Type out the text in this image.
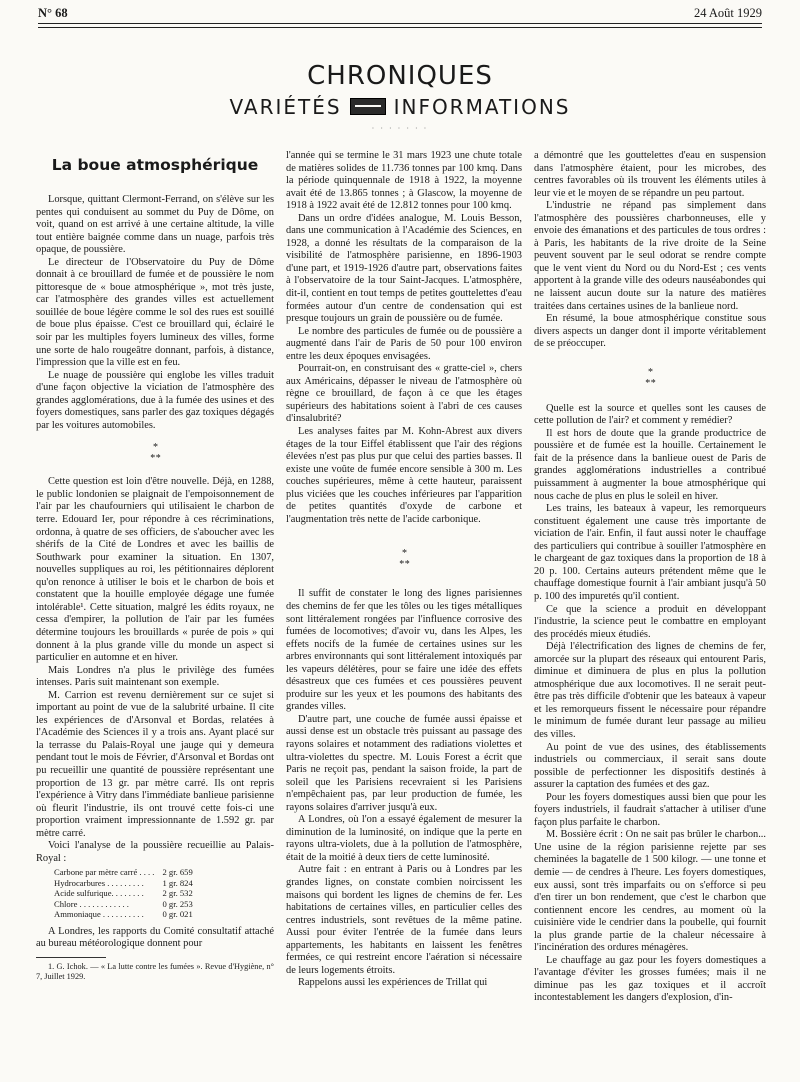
N° 68	24 Août 1929
CHRONIQUES
VARIÉTÉS	INFORMATIONS
· · · · · · ·
La boue atmosphérique

Lorsque, quittant Clermont-Ferrand, on s'élève sur les pentes qui conduisent au sommet du Puy de Dôme, on voit, quand on est arrivé à une certaine altitude, la ville tout entière baignée comme dans un nuage, parfois très opaque, de poussière.

Le directeur de l'Observatoire du Puy de Dôme donnait à ce brouillard de fumée et de poussière le nom pittoresque de « boue atmosphérique », mot très juste, car l'atmosphère des grandes villes est actuellement souillée de boue légère comme le sol des rues est souillé de boue plus épaisse. C'est ce brouillard qui, éclairé le soir par les multiples foyers lumineux des villes, forme une sorte de halo rougeâtre donnant, parfois, à distance, l'impression que la ville est en feu.

Le nuage de poussière qui englobe les villes traduit d'une façon objective la viciation de l'atmosphère des grandes agglomérations, due à la fumée des usines et des foyers domestiques, sans parler des gaz toxiques dégagés par les voitures automobiles.

*
* *

Cette question est loin d'être nouvelle. Déjà, en 1288, le public londonien se plaignait de l'empoisonnement de l'air par les chaufourniers qui utilisaient le charbon de terre. Edouard Ier, pour répondre à ces récriminations, ordonna, à quatre de ses officiers, de s'aboucher avec les shérifs de la Cité de Londres et avec les baillis de Southwark pour examiner la situation. En 1307, nouvelles suppliques au roi, les pétitionnaires déplorent qu'on renonce à utiliser le bois et le charbon de bois et constatent que la houille employée dégage une fumée intolérable¹. Cette situation, malgré les édits royaux, ne cessa d'empirer, la pollution de l'air par les fumées détermine toujours les brouillards « purée de pois » qui donnent à la plus grande ville du monde un aspect si particulier en automne et en hiver.

Mais Londres n'a plus le privilège des fumées intenses. Paris suit maintenant son exemple.

M. Carrion est revenu dernièrement sur ce sujet si important au point de vue de la salubrité urbaine. Il cite les expériences de d'Arsonval et Bordas, relatées à l'Académie des Sciences il y a trois ans. Ayant placé sur la terrasse du Palais-Royal une jauge qui y demeura pendant tout le mois de Février, d'Arsonval et Bordas ont pu recueillir une quantité de poussière représentant une proportion de 13 gr. par mètre carré. Ils ont repris l'expérience à Vitry dans l'immédiate banlieue parisienne où fleurit l'industrie, ils ont trouvé cette fois-ci une proportion vraiment impressionnante de 1.592 gr. par mètre carré.

Voici l'analyse de la poussière recueillie au Palais-Royal :

Carbone par mètre carré . . . .	2 gr. 659
Hydrocarbures . . . . . . . . .	1 gr. 824
Acide sulfurique. . . . . . . .	2 gr. 532
Chlore . . . . . . . . . . . .	0 gr. 253
Ammoniaque . . . . . . . . . .	0 gr. 021

A Londres, les rapports du Comité consultatif attaché au bureau météorologique donnent pour

1. G. Ichok. — « La lutte contre les fumées ». Revue d'Hygiène, n° 7, Juillet 1929.

l'année qui se termine le 31 mars 1923 une chute totale de matières solides de 11.736 tonnes par 100 kmq. Dans la période quinquennale de 1918 à 1922, la moyenne avait été de 13.865 tonnes ; à Glascow, la moyenne de 1918 à 1922 avait été de 12.812 tonnes pour 100 kmq.

Dans un ordre d'idées analogue, M. Louis Besson, dans une communication à l'Académie des Sciences, en 1928, a donné les résultats de la comparaison de la visibilité de l'atmosphère parisienne, en 1896-1903 d'une part, et 1919-1926 d'autre part, observations faites à l'observatoire de la tour Saint-Jacques. L'atmosphère, dit-il, contient en tout temps de petites gouttelettes d'eau formées autour d'un centre de condensation qui est presque toujours un grain de poussière ou de fumée.

Le nombre des particules de fumée ou de poussière a augmenté dans l'air de Paris de 50 pour 100 environ entre les deux époques envisagées.

Pourrait-on, en construisant des « gratte-ciel », chers aux Américains, dépasser le niveau de l'atmosphère où règne ce brouillard, de façon à ce que les étages supérieurs des habitations soient à l'abri de ces causes d'insalubrité?

Les analyses faites par M. Kohn-Abrest aux divers étages de la tour Eiffel établissent que l'air des régions élevées n'est pas plus pur que celui des parties basses. Il existe une voûte de fumée encore sensible à 300 m. Les couches supérieures, même à cette hauteur, paraissent plus viciées que les couches inférieures par l'apparition de petites quantités d'oxyde de carbone et l'augmentation très nette de l'acide carbonique.

*
* *

Il suffit de constater le long des lignes parisiennes des chemins de fer que les tôles ou les tiges métalliques sont littéralement rongées par l'influence corrosive des fumées de locomotives; d'avoir vu, dans les Alpes, les effets nocifs de la fumée de certaines usines sur les arbres environnants qui sont littéralement intoxiqués par les vapeurs délétères, pour se faire une idée des effets désastreux que ces fumées et ces poussières peuvent produire sur les yeux et les poumons des habitants des grandes villes.

D'autre part, une couche de fumée aussi épaisse et aussi dense est un obstacle très puissant au passage des rayons solaires et notamment des radiations violettes et ultra-violettes du spectre. M. Louis Forest a écrit que Paris ne reçoit pas, pendant la saison froide, la part de soleil que les Parisiens recevraient si les Parisiens n'empêchaient pas, par leur production de fumée, les rayons solaires d'arriver jusqu'à eux.

A Londres, où l'on a essayé également de mesurer la diminution de la luminosité, on indique que la perte en rayons ultra-violets, due à la pollution de l'atmosphère, était de la moitié à deux tiers de cette luminosité.

Autre fait : en entrant à Paris ou à Londres par les grandes lignes, on constate combien noircissent les maisons qui bordent les lignes de chemins de fer. Les habitations de certaines villes, en particulier celles des centres industriels, sont revêtues de la même patine. Aussi pour éviter l'entrée de la fumée dans leurs appartements, les habitants en laissent les fenêtres fermées, ce qui restreint encore l'aération si nécessaire de leurs logements étroits.

Rappelons aussi les expériences de Trillat qui

a démontré que les gouttelettes d'eau en suspension dans l'atmosphère étaient, pour les microbes, des centres favorables où ils trouvent les éléments utiles à leur vie et le moyen de se répandre un peu partout.

L'industrie ne répand pas simplement dans l'atmosphère des poussières charbonneuses, elle y envoie des émanations et des particules de tous ordres : à Paris, les habitants de la rive droite de la Seine peuvent souvent par le seul odorat se rendre compte que le vent vient du Nord ou du Nord-Est ; ces vents apportent à la grande ville des odeurs nauséabondes qui ne laissent aucun doute sur la nature des matières traitées dans certaines usines de la banlieue nord.

En résumé, la boue atmosphérique constitue sous divers aspects un danger dont il importe véritablement de se préoccuper.

*
* *

Quelle est la source et quelles sont les causes de cette pollution de l'air? et comment y remédier?

Il est hors de doute que la grande productrice de poussière et de fumée est la houille. Certainement le fait de la présence dans la banlieue ouest de Paris de grandes agglomérations industrielles a contribué puissamment à augmenter la boue atmosphérique qui nous cache de plus en plus le soleil en hiver.

Les trains, les bateaux à vapeur, les remorqueurs constituent également une cause très importante de viciation de l'air. Enfin, il faut aussi noter le chauffage des particuliers qui contribue à souiller l'atmosphère en le chargeant de gaz toxiques dans la proportion de 18 à 20 p. 100. Certains auteurs prétendent même que le chauffage domestique fournit à l'air ambiant jusqu'à 50 p. 100 des impuretés qu'il contient.

Ce que la science a produit en développant l'industrie, la science peut le combattre en employant des procédés mieux étudiés.

Déjà l'électrification des lignes de chemins de fer, amorcée sur la plupart des réseaux qui entourent Paris, diminue et diminuera de plus en plus la pollution atmosphérique due aux locomotives. Il ne serait peut-être pas très difficile d'obtenir que les bateaux à vapeur et les remorqueurs fissent le nécessaire pour répandre le minimum de fumée durant leur passage au milieu des villes.

Au point de vue des usines, des établissements industriels ou commerciaux, il serait sans doute possible de perfectionner les dispositifs destinés à assurer la captation des fumées et des gaz.

Pour les foyers domestiques aussi bien que pour les foyers industriels, il faudrait s'attacher à utiliser d'une façon plus parfaite le charbon.

M. Bossière écrit : On ne sait pas brûler le charbon... Une usine de la région parisienne rejette par ses cheminées la bagatelle de 1 500 kilogr. — une tonne et demie — de cendres à l'heure. Les foyers domestiques, eux aussi, sont très imparfaits ou on s'efforce si peu d'en tirer un bon rendement, que c'est le charbon que contiennent encore les cendres, au moment où la cuisinière vide le cendrier dans la poubelle, qui fournit la plus grande partie de la chaleur nécessaire à l'incinération des ordures ménagères.

Le chauffage au gaz pour les foyers domestiques a l'avantage d'éviter les grosses fumées; mais il ne diminue pas les gaz toxiques et il accroît incontestablement les dangers d'explosion, d'in-
